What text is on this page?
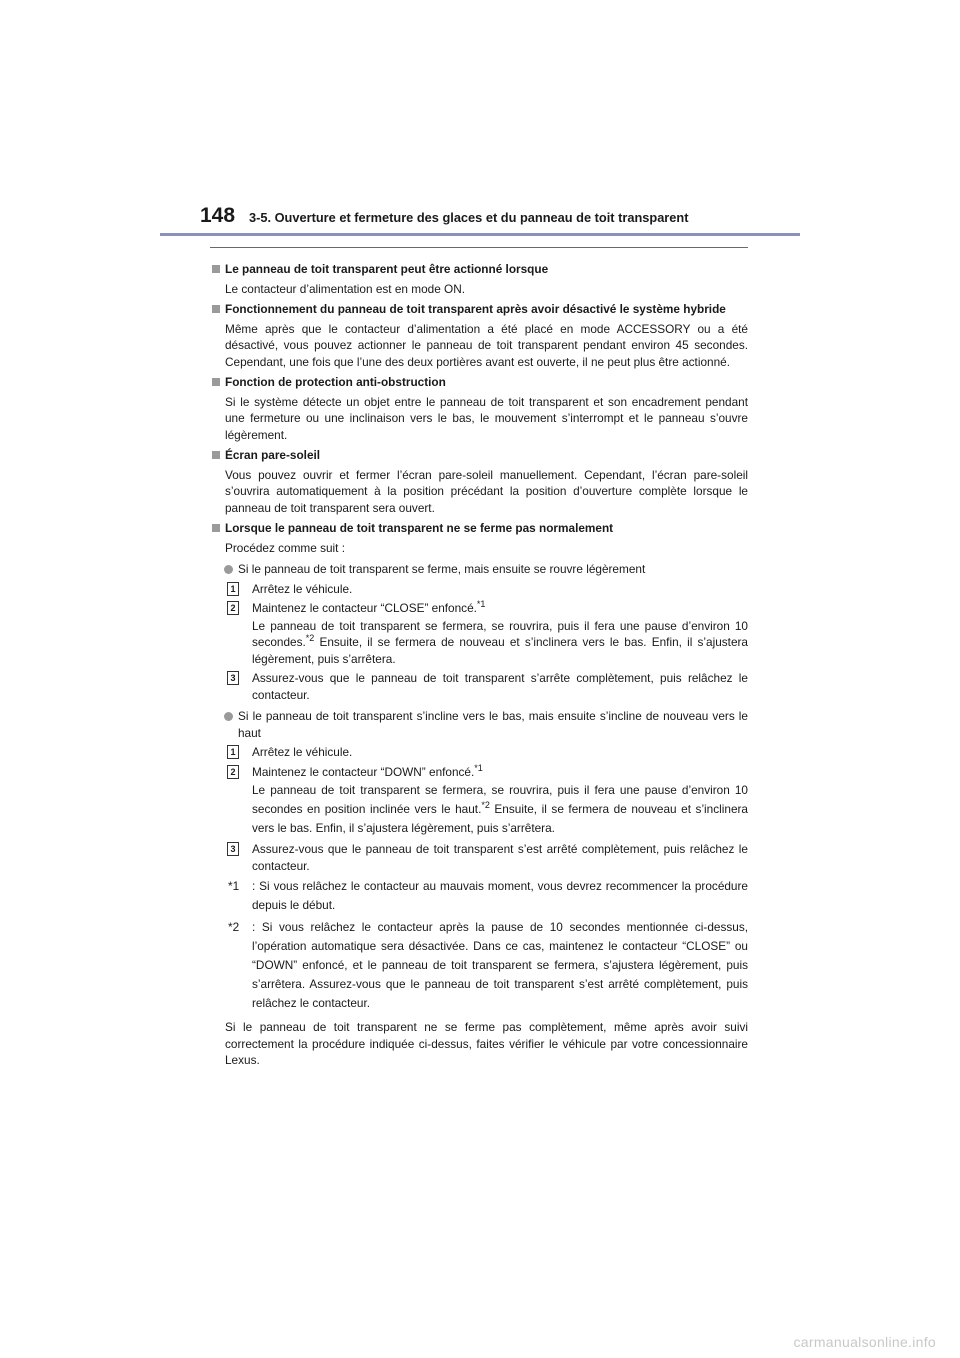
148 3-5. Ouverture et fermeture des glaces et du panneau de toit transparent
Le panneau de toit transparent peut être actionné lorsque
Le contacteur d’alimentation est en mode ON.
Fonctionnement du panneau de toit transparent après avoir désactivé le système hybride
Même après que le contacteur d’alimentation a été placé en mode ACCESSORY ou a été désactivé, vous pouvez actionner le panneau de toit transparent pendant environ 45 secondes. Cependant, une fois que l’une des deux portières avant est ouverte, il ne peut plus être actionné.
Fonction de protection anti-obstruction
Si le système détecte un objet entre le panneau de toit transparent et son encadrement pendant une fermeture ou une inclinaison vers le bas, le mouvement s’interrompt et le panneau s’ouvre légèrement.
Écran pare-soleil
Vous pouvez ouvrir et fermer l’écran pare-soleil manuellement. Cependant, l’écran pare-soleil s’ouvrira automatiquement à la position précédant la position d’ouverture complète lorsque le panneau de toit transparent sera ouvert.
Lorsque le panneau de toit transparent ne se ferme pas normalement
Procédez comme suit :
Si le panneau de toit transparent se ferme, mais ensuite se rouvre légèrement
1 Arrêtez le véhicule.
2 Maintenez le contacteur “CLOSE” enfoncé.$^{*1}$
Le panneau de toit transparent se fermera, se rouvrira, puis il fera une pause d’environ 10 secondes.$^{*2}$ Ensuite, il se fermera de nouveau et s’inclinera vers le bas. Enfin, il s’ajustera légèrement, puis s’arrêtera.
3 Assurez-vous que le panneau de toit transparent s’arrête complètement, puis relâchez le contacteur.
Si le panneau de toit transparent s’incline vers le bas, mais ensuite s’incline de nouveau vers le haut
1 Arrêtez le véhicule.
2 Maintenez le contacteur “DOWN” enfoncé.$^{*1}$
Le panneau de toit transparent se fermera, se rouvrira, puis il fera une pause d’environ 10 secondes en position inclinée vers le haut.$^{*2}$ Ensuite, il se fermera de nouveau et s’inclinera vers le bas. Enfin, il s’ajustera légèrement, puis s’arrêtera.
3 Assurez-vous que le panneau de toit transparent s’est arrêté complètement, puis relâchez le contacteur.
*1 : Si vous relâchez le contacteur au mauvais moment, vous devrez recommencer la procédure depuis le début.
*2 : Si vous relâchez le contacteur après la pause de 10 secondes mentionnée ci-dessus, l’opération automatique sera désactivée. Dans ce cas, maintenez le contacteur “CLOSE” ou “DOWN” enfoncé, et le panneau de toit transparent se fermera, s’ajustera légèrement, puis s’arrêtera. Assurez-vous que le panneau de toit transparent s’est arrêté complètement, puis relâchez le contacteur.
Si le panneau de toit transparent ne se ferme pas complètement, même après avoir suivi correctement la procédure indiquée ci-dessus, faites vérifier le véhicule par votre concessionnaire Lexus.
carmanualsonline.info
